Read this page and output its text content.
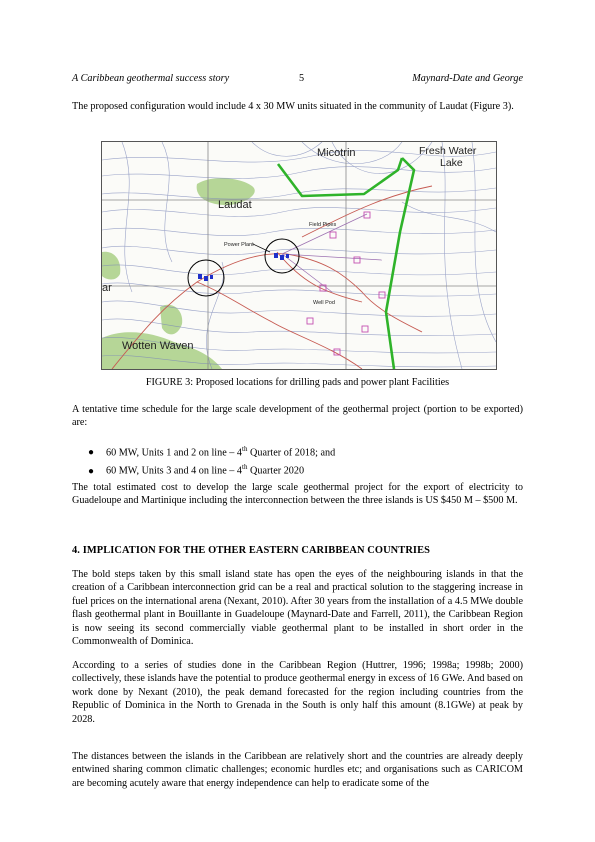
A Caribbean geothermal success story	5	Maynard-Date and George
The proposed configuration would include 4 x 30 MW units situated in the community of Laudat (Figure 3).
Micotrin	Fresh Water
Lake
Laudat
Field Pipes
Power Plant
Well Pod
ar
Wotten Waven
FIGURE 3: Proposed locations for drilling pads and power plant Facilities
A tentative time schedule for the large scale development of the geothermal project (portion to be exported) are:
●	60 MW, Units 1 and 2 on line – 4th Quarter of 2018; and
●	60 MW, Units 3 and 4 on line – 4th Quarter 2020
The total estimated cost to develop the large scale geothermal project for the export of electricity to Guadeloupe and Martinique including the interconnection between the three islands is US $450 M – $500 M.
4. IMPLICATION FOR THE OTHER EASTERN CARIBBEAN COUNTRIES
The bold steps taken by this small island state has open the eyes of the neighbouring islands in that the creation of a Caribbean interconnection grid can be a real and practical solution to the staggering increase in fuel prices on the international arena (Nexant, 2010). After 30 years from the installation of a 4.5 MWe double flash geothermal plant in Bouillante in Guadeloupe (Maynard-Date and Farrell, 2011), the Caribbean Region is now seeing its second commercially viable geothermal plant to be installed in short order in the Commonwealth of Dominica.
According to a series of studies done in the Caribbean Region (Huttrer, 1996; 1998a; 1998b; 2000) collectively, these islands have the potential to produce geothermal energy in excess of 16 GWe. And based on work done by Nexant (2010), the peak demand forecasted for the region including countries from the Republic of Dominica in the North to Grenada in the South is only half this amount (8.1GWe) at peak by 2028.
The distances between the islands in the Caribbean are relatively short and the countries are already deeply entwined sharing common climatic challenges; economic hurdles etc; and organisations such as CARICOM are becoming acutely aware that energy independence can help to eradicate some of the
